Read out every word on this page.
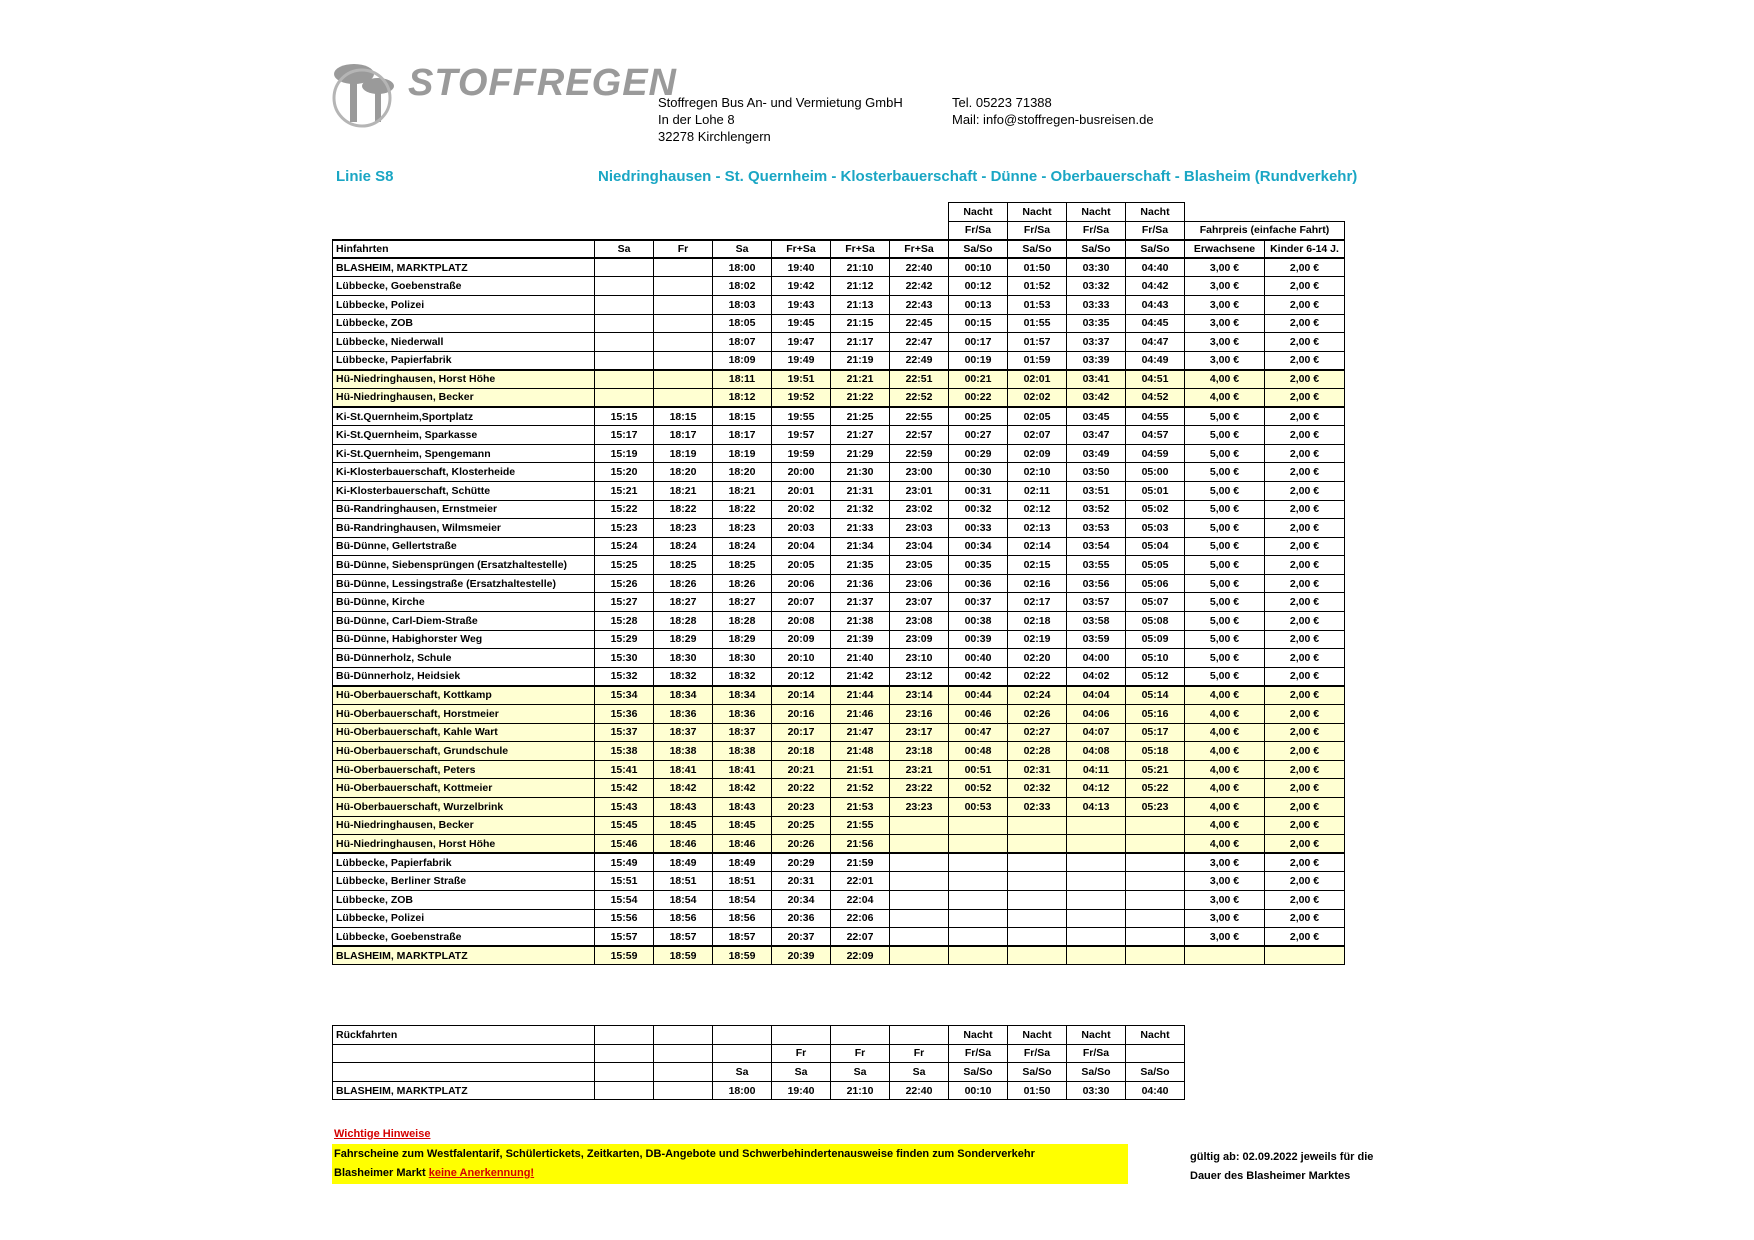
STOFFREGEN
Stoffregen Bus An- und Vermietung GmbH
In der Lohe 8
32278 Kirchlengern
Tel. 05223 71388
Mail: info@stoffregen-busreisen.de
Linie S8	Niedringhausen - St. Quernheim - Klosterbauerschaft - Dünne - Oberbauerschaft - Blasheim (Rundverkehr)
							Nacht	Nacht	Nacht	Nacht		
							Fr/Sa	Fr/Sa	Fr/Sa	Fr/Sa	Fahrpreis (einfache Fahrt)	
Hinfahrten	Sa	Fr	Sa	Fr+Sa	Fr+Sa	Fr+Sa	Sa/So	Sa/So	Sa/So	Sa/So	Erwachsene	Kinder 6-14 J.
BLASHEIM, MARKTPLATZ			18:00	19:40	21:10	22:40	00:10	01:50	03:30	04:40	3,00 €	2,00 €
Lübbecke, Goebenstraße			18:02	19:42	21:12	22:42	00:12	01:52	03:32	04:42	3,00 €	2,00 €
Lübbecke, Polizei			18:03	19:43	21:13	22:43	00:13	01:53	03:33	04:43	3,00 €	2,00 €
Lübbecke, ZOB			18:05	19:45	21:15	22:45	00:15	01:55	03:35	04:45	3,00 €	2,00 €
Lübbecke, Niederwall			18:07	19:47	21:17	22:47	00:17	01:57	03:37	04:47	3,00 €	2,00 €
Lübbecke, Papierfabrik			18:09	19:49	21:19	22:49	00:19	01:59	03:39	04:49	3,00 €	2,00 €
Hü-Niedringhausen, Horst Höhe			18:11	19:51	21:21	22:51	00:21	02:01	03:41	04:51	4,00 €	2,00 €
Hü-Niedringhausen, Becker			18:12	19:52	21:22	22:52	00:22	02:02	03:42	04:52	4,00 €	2,00 €
Ki-St.Quernheim,Sportplatz	15:15	18:15	18:15	19:55	21:25	22:55	00:25	02:05	03:45	04:55	5,00 €	2,00 €
Ki-St.Quernheim, Sparkasse	15:17	18:17	18:17	19:57	21:27	22:57	00:27	02:07	03:47	04:57	5,00 €	2,00 €
Ki-St.Quernheim, Spengemann	15:19	18:19	18:19	19:59	21:29	22:59	00:29	02:09	03:49	04:59	5,00 €	2,00 €
Ki-Klosterbauerschaft, Klosterheide	15:20	18:20	18:20	20:00	21:30	23:00	00:30	02:10	03:50	05:00	5,00 €	2,00 €
Ki-Klosterbauerschaft, Schütte	15:21	18:21	18:21	20:01	21:31	23:01	00:31	02:11	03:51	05:01	5,00 €	2,00 €
Bü-Randringhausen, Ernstmeier	15:22	18:22	18:22	20:02	21:32	23:02	00:32	02:12	03:52	05:02	5,00 €	2,00 €
Bü-Randringhausen, Wilmsmeier	15:23	18:23	18:23	20:03	21:33	23:03	00:33	02:13	03:53	05:03	5,00 €	2,00 €
Bü-Dünne, Gellertstraße	15:24	18:24	18:24	20:04	21:34	23:04	00:34	02:14	03:54	05:04	5,00 €	2,00 €
Bü-Dünne, Siebensprüngen (Ersatzhaltestelle)	15:25	18:25	18:25	20:05	21:35	23:05	00:35	02:15	03:55	05:05	5,00 €	2,00 €
Bü-Dünne, Lessingstraße (Ersatzhaltestelle)	15:26	18:26	18:26	20:06	21:36	23:06	00:36	02:16	03:56	05:06	5,00 €	2,00 €
Bü-Dünne, Kirche	15:27	18:27	18:27	20:07	21:37	23:07	00:37	02:17	03:57	05:07	5,00 €	2,00 €
Bü-Dünne, Carl-Diem-Straße	15:28	18:28	18:28	20:08	21:38	23:08	00:38	02:18	03:58	05:08	5,00 €	2,00 €
Bü-Dünne, Habighorster Weg	15:29	18:29	18:29	20:09	21:39	23:09	00:39	02:19	03:59	05:09	5,00 €	2,00 €
Bü-Dünnerholz, Schule	15:30	18:30	18:30	20:10	21:40	23:10	00:40	02:20	04:00	05:10	5,00 €	2,00 €
Bü-Dünnerholz, Heidsiek	15:32	18:32	18:32	20:12	21:42	23:12	00:42	02:22	04:02	05:12	5,00 €	2,00 €
Hü-Oberbauerschaft, Kottkamp	15:34	18:34	18:34	20:14	21:44	23:14	00:44	02:24	04:04	05:14	4,00 €	2,00 €
Hü-Oberbauerschaft, Horstmeier	15:36	18:36	18:36	20:16	21:46	23:16	00:46	02:26	04:06	05:16	4,00 €	2,00 €
Hü-Oberbauerschaft, Kahle Wart	15:37	18:37	18:37	20:17	21:47	23:17	00:47	02:27	04:07	05:17	4,00 €	2,00 €
Hü-Oberbauerschaft, Grundschule	15:38	18:38	18:38	20:18	21:48	23:18	00:48	02:28	04:08	05:18	4,00 €	2,00 €
Hü-Oberbauerschaft, Peters	15:41	18:41	18:41	20:21	21:51	23:21	00:51	02:31	04:11	05:21	4,00 €	2,00 €
Hü-Oberbauerschaft, Kottmeier	15:42	18:42	18:42	20:22	21:52	23:22	00:52	02:32	04:12	05:22	4,00 €	2,00 €
Hü-Oberbauerschaft, Wurzelbrink	15:43	18:43	18:43	20:23	21:53	23:23	00:53	02:33	04:13	05:23	4,00 €	2,00 €
Hü-Niedringhausen, Becker	15:45	18:45	18:45	20:25	21:55						4,00 €	2,00 €
Hü-Niedringhausen, Horst Höhe	15:46	18:46	18:46	20:26	21:56						4,00 €	2,00 €
Lübbecke, Papierfabrik	15:49	18:49	18:49	20:29	21:59						3,00 €	2,00 €
Lübbecke, Berliner Straße	15:51	18:51	18:51	20:31	22:01						3,00 €	2,00 €
Lübbecke, ZOB	15:54	18:54	18:54	20:34	22:04						3,00 €	2,00 €
Lübbecke, Polizei	15:56	18:56	18:56	20:36	22:06						3,00 €	2,00 €
Lübbecke, Goebenstraße	15:57	18:57	18:57	20:37	22:07						3,00 €	2,00 €
BLASHEIM, MARKTPLATZ	15:59	18:59	18:59	20:39	22:09							
Rückfahrten							Nacht	Nacht	Nacht	Nacht
				Fr	Fr	Fr	Fr/Sa	Fr/Sa	Fr/Sa	
			Sa	Sa	Sa	Sa	Sa/So	Sa/So	Sa/So	Sa/So
BLASHEIM, MARKTPLATZ			18:00	19:40	21:10	22:40	00:10	01:50	03:30	04:40
Wichtige Hinweise
Fahrscheine zum Westfalentarif, Schülertickets, Zeitkarten, DB-Angebote und Schwerbehindertenausweise finden zum Sonderverkehr
Blasheimer Markt keine Anerkennung!
gültig ab: 02.09.2022 jeweils für die
Dauer des Blasheimer Marktes
